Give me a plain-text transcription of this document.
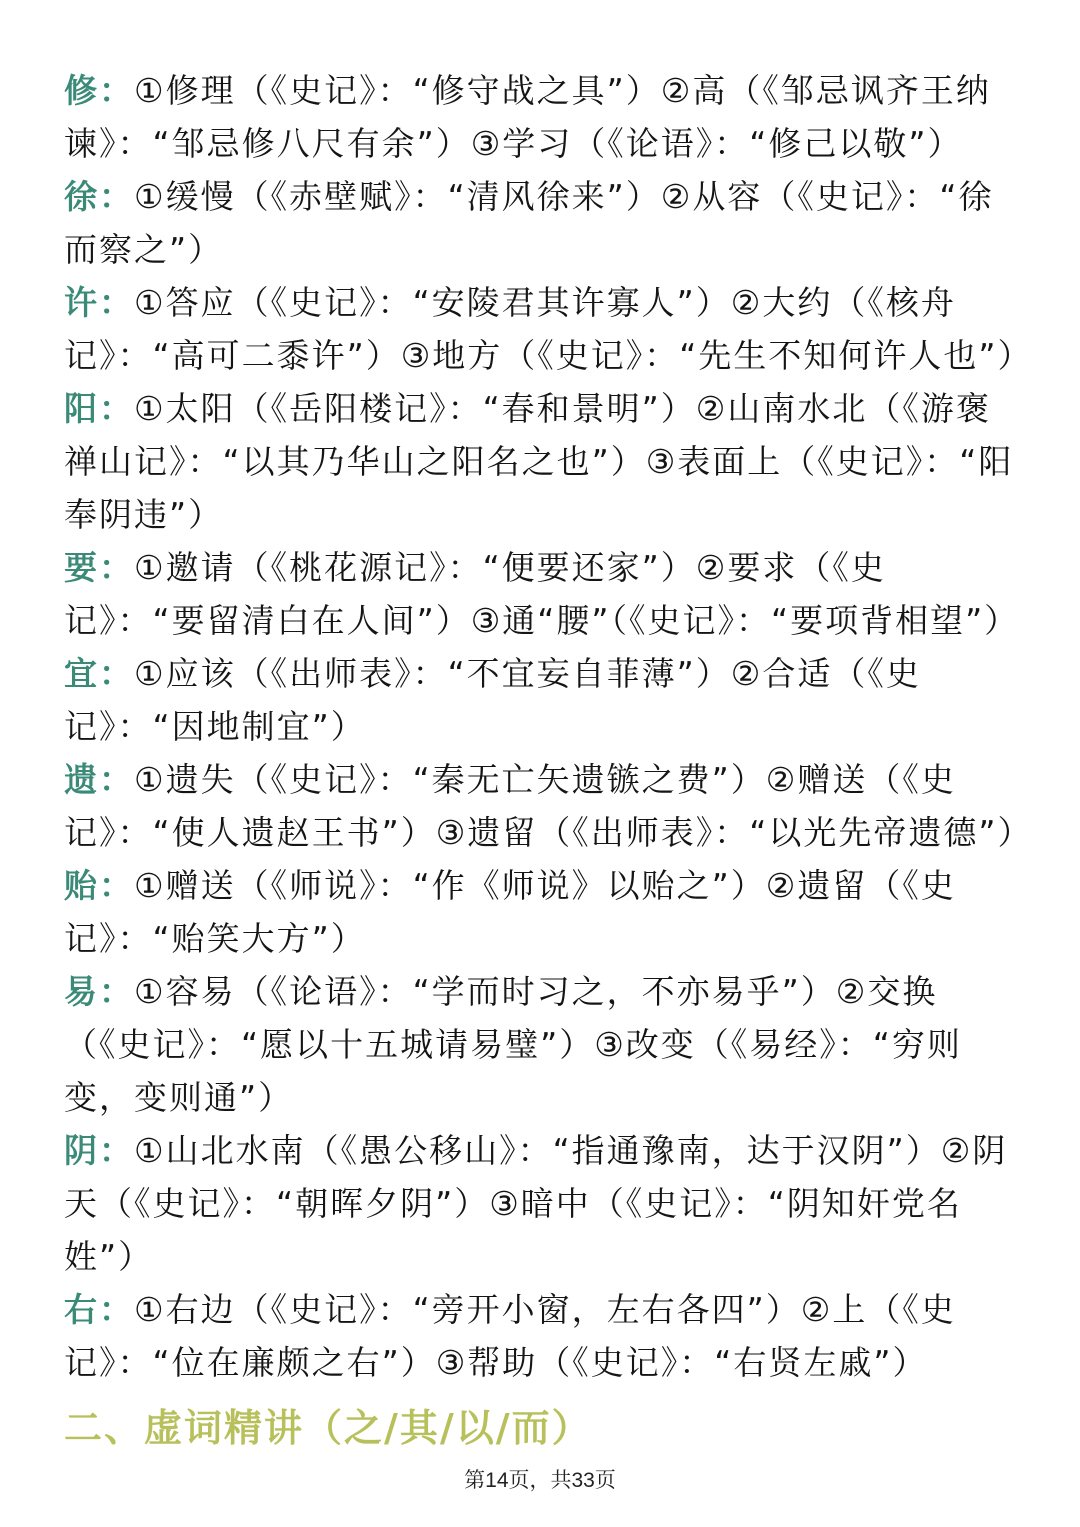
修：①修理（《史记》：“修守战之具”）②高（《邹忌讽齐王纳谏》：“邹忌修八尺有余”）③学习（《论语》：“修己以敬”）

徐：①缓慢（《赤壁赋》：“清风徐来”）②从容（《史记》：“徐而察之”）

许：①答应（《史记》：“安陵君其许寡人”）②大约（《核舟记》：“高可二黍许”）③地方（《史记》：“先生不知何许人也”）

阳：①太阳（《岳阳楼记》：“春和景明”）②山南水北（《游褒禅山记》：“以其乃华山之阳名之也”）③表面上（《史记》：“阳奉阴违”）

要：①邀请（《桃花源记》：“便要还家”）②要求（《史记》：“要留清白在人间”）③通“腰”（《史记》：“要项背相望”）

宜：①应该（《出师表》：“不宜妄自菲薄”）②合适（《史记》：“因地制宜”）

遗：①遗失（《史记》：“秦无亡矢遗镞之费”）②赠送（《史记》：“使人遗赵王书”）③遗留（《出师表》：“以光先帝遗德”）

贻：①赠送（《师说》：“作《师说》以贻之”）②遗留（《史记》：“贻笑大方”）

易：①容易（《论语》：“学而时习之，不亦易乎”）②交换（《史记》：“愿以十五城请易璧”）③改变（《易经》：“穷则变，变则通”）

阴：①山北水南（《愚公移山》：“指通豫南，达于汉阴”）②阴天（《史记》：“朝晖夕阴”）③暗中（《史记》：“阴知奸党名姓”）

右：①右边（《史记》：“旁开小窗，左右各四”）②上（《史记》：“位在廉颇之右”）③帮助（《史记》：“右贤左戚”）

二、虚词精讲（之/其/以/而）
第14页，共33页
